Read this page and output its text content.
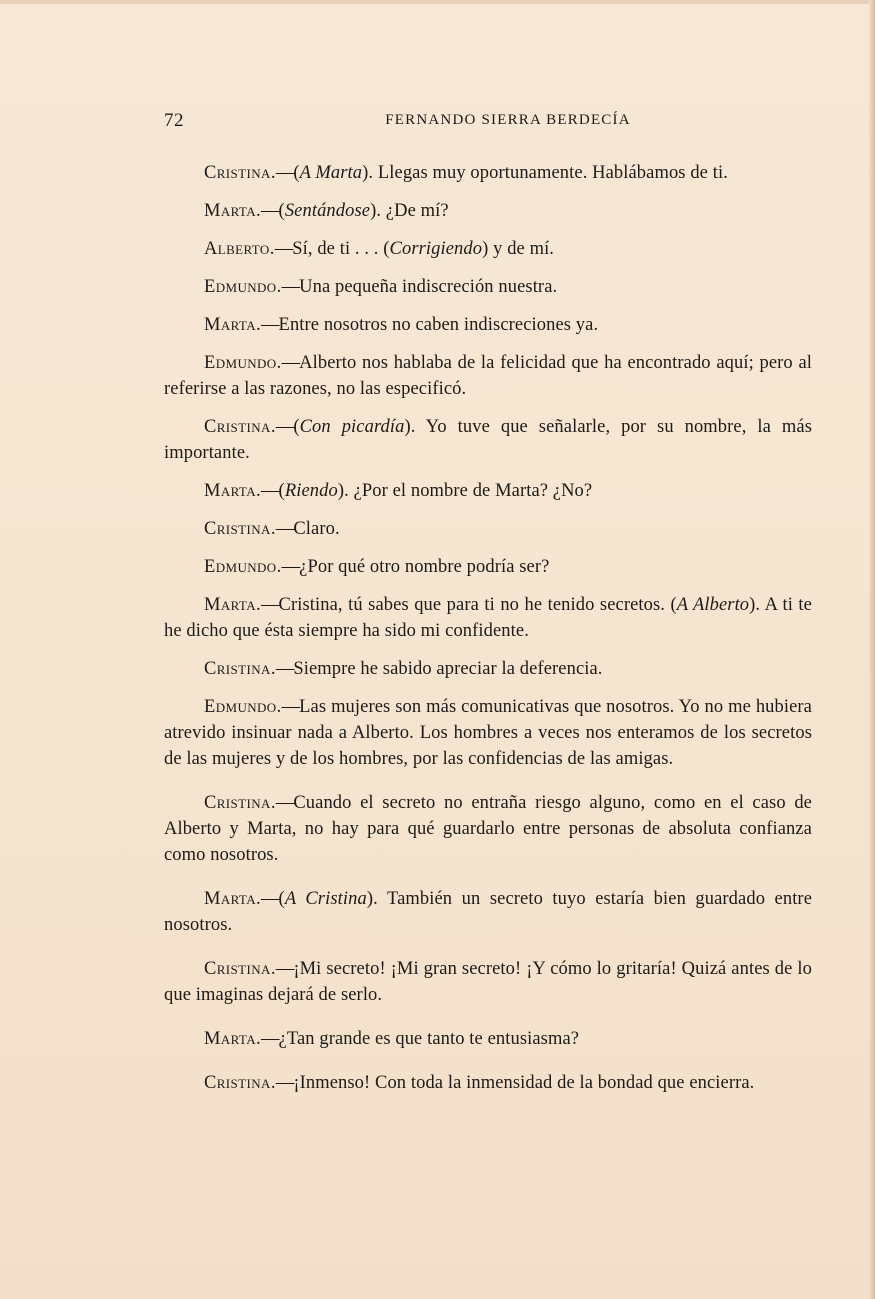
72	FERNANDO SIERRA BERDECÍA

Cristina.—(A Marta). Llegas muy oportunamente. Hablábamos de ti.

Marta.—(Sentándose). ¿De mí?

Alberto.—Sí, de ti . . . (Corrigiendo) y de mí.

Edmundo.—Una pequeña indiscreción nuestra.

Marta.—Entre nosotros no caben indiscreciones ya.

Edmundo.—Alberto nos hablaba de la felicidad que ha encontrado aquí; pero al referirse a las razones, no las especificó.

Cristina.—(Con picardía). Yo tuve que señalarle, por su nombre, la más importante.

Marta.—(Riendo). ¿Por el nombre de Marta? ¿No?

Cristina.—Claro.

Edmundo.—¿Por qué otro nombre podría ser?

Marta.—Cristina, tú sabes que para ti no he tenido secretos. (A Alberto). A ti te he dicho que ésta siempre ha sido mi confidente.

Cristina.—Siempre he sabido apreciar la deferencia.

Edmundo.—Las mujeres son más comunicativas que nosotros. Yo no me hubiera atrevido insinuar nada a Alberto. Los hombres a veces nos enteramos de los secretos de las mujeres y de los hombres, por las confidencias de las amigas.

Cristina.—Cuando el secreto no entraña riesgo alguno, como en el caso de Alberto y Marta, no hay para qué guardarlo entre personas de absoluta confianza como nosotros.

Marta.—(A Cristina). También un secreto tuyo estaría bien guardado entre nosotros.

Cristina.—¡Mi secreto! ¡Mi gran secreto! ¡Y cómo lo gritaría! Quizá antes de lo que imaginas dejará de serlo.

Marta.—¿Tan grande es que tanto te entusiasma?

Cristina.—¡Inmenso! Con toda la inmensidad de la bondad que encierra.
